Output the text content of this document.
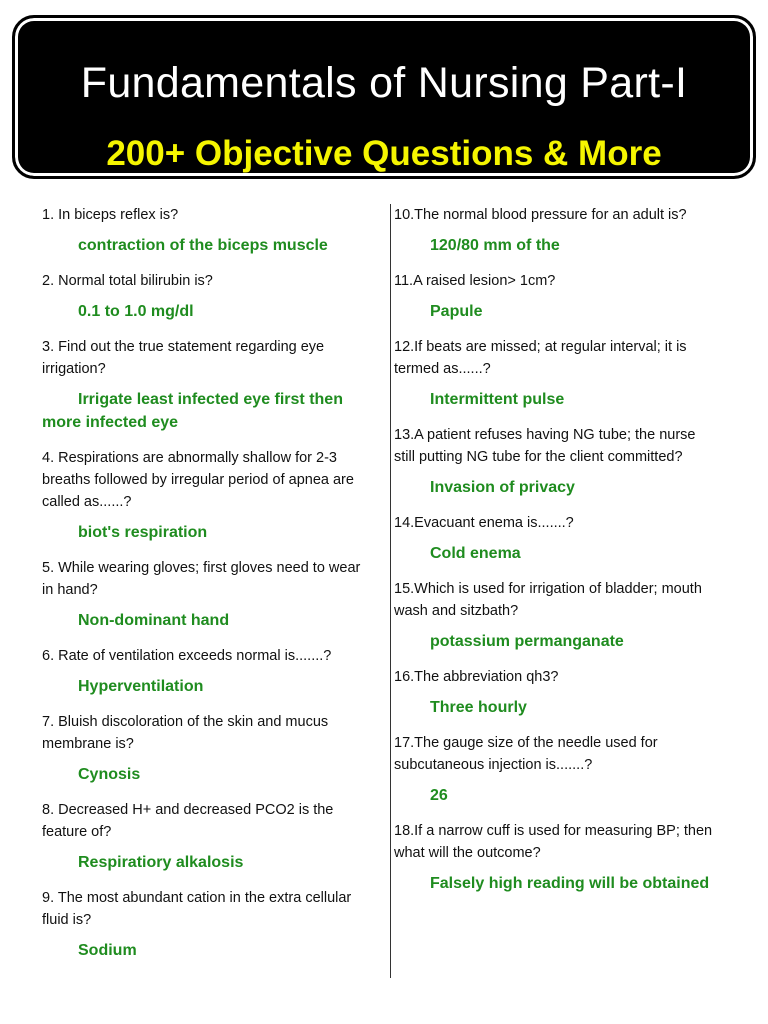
Fundamentals of Nursing Part-I
200+ Objective Questions & More

1. In biceps reflex is?

contraction of the biceps muscle

2. Normal total bilirubin is?

0.1 to 1.0 mg/dl

3. Find out the true statement regarding eye irrigation?

Irrigate least infected eye first then more infected eye

4. Respirations are abnormally shallow for 2-3 breaths followed by irregular period of apnea are called as......?

biot's respiration

5. While wearing gloves; first gloves need to wear in hand?

Non-dominant hand

6. Rate of ventilation exceeds normal is.......?

Hyperventilation

7. Bluish discoloration of the skin and mucus membrane is?

Cynosis

8. Decreased H+ and decreased PCO2 is the feature of?

Respiratiory alkalosis

9. The most abundant cation in the extra cellular fluid is?

Sodium

10.The normal blood pressure for an adult is?

120/80 mm of the

11.A raised lesion> 1cm?

Papule

12.If beats are missed; at regular interval; it is termed as......?

Intermittent pulse

13.A patient refuses having NG tube; the nurse still putting NG tube for the client committed?

Invasion of privacy

14.Evacuant enema is.......?

Cold enema

15.Which is used for irrigation of bladder; mouth wash and sitzbath?

potassium permanganate

16.The abbreviation qh3?

Three hourly

17.The gauge size of the needle used for subcutaneous injection is.......?

26

18.If a narrow cuff is used for measuring BP; then what will the outcome?

Falsely high reading will be obtained
